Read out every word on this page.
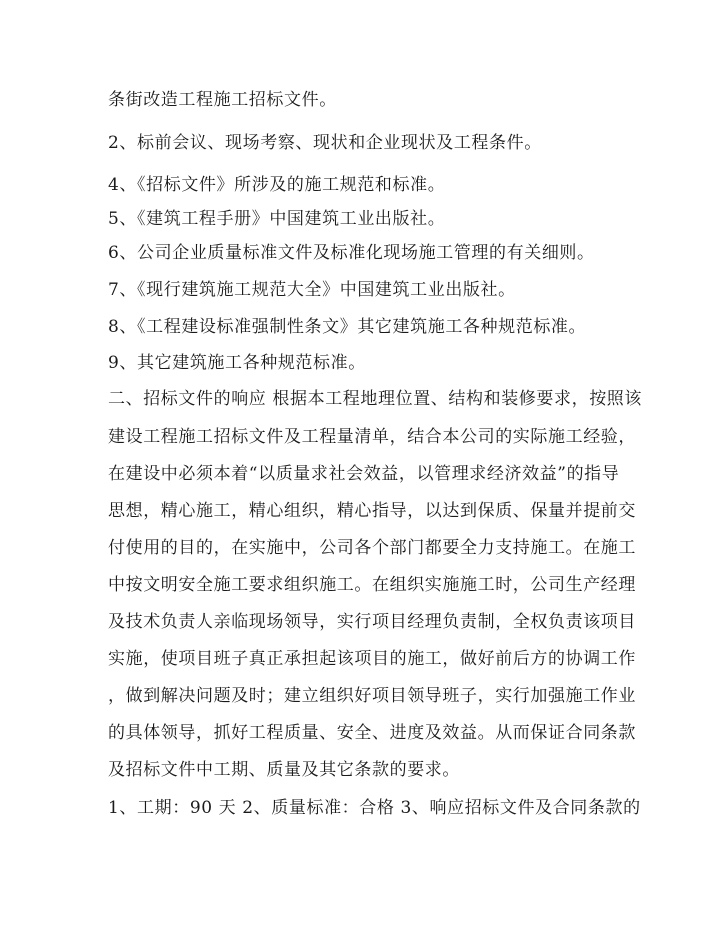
条街改造工程施工招标文件。
2、标前会议、现场考察、现状和企业现状及工程条件。
4、《招标文件》所涉及的施工规范和标准。
5、《建筑工程手册》中国建筑工业出版社。
6、公司企业质量标准文件及标准化现场施工管理的有关细则。
7、《现行建筑施工规范大全》中国建筑工业出版社。
8、《工程建设标准强制性条文》其它建筑施工各种规范标准。
9、其它建筑施工各种规范标准。
二、招标文件的响应 根据本工程地理位置、结构和装修要求，按照该
建设工程施工招标文件及工程量清单，结合本公司的实际施工经验，
在建设中必须本着“以质量求社会效益，以管理求经济效益”的指导
思想，精心施工，精心组织，精心指导，以达到保质、保量并提前交
付使用的目的，在实施中，公司各个部门都要全力支持施工。在施工
中按文明安全施工要求组织施工。在组织实施施工时，公司生产经理
及技术负责人亲临现场领导，实行项目经理负责制，全权负责该项目
实施，使项目班子真正承担起该项目的施工，做好前后方的协调工作
，做到解决问题及时；建立组织好项目领导班子，实行加强施工作业
的具体领导，抓好工程质量、安全、进度及效益。从而保证合同条款
及招标文件中工期、质量及其它条款的要求。
1、工期：90 天 2、质量标准：合格 3、响应招标文件及合同条款的
